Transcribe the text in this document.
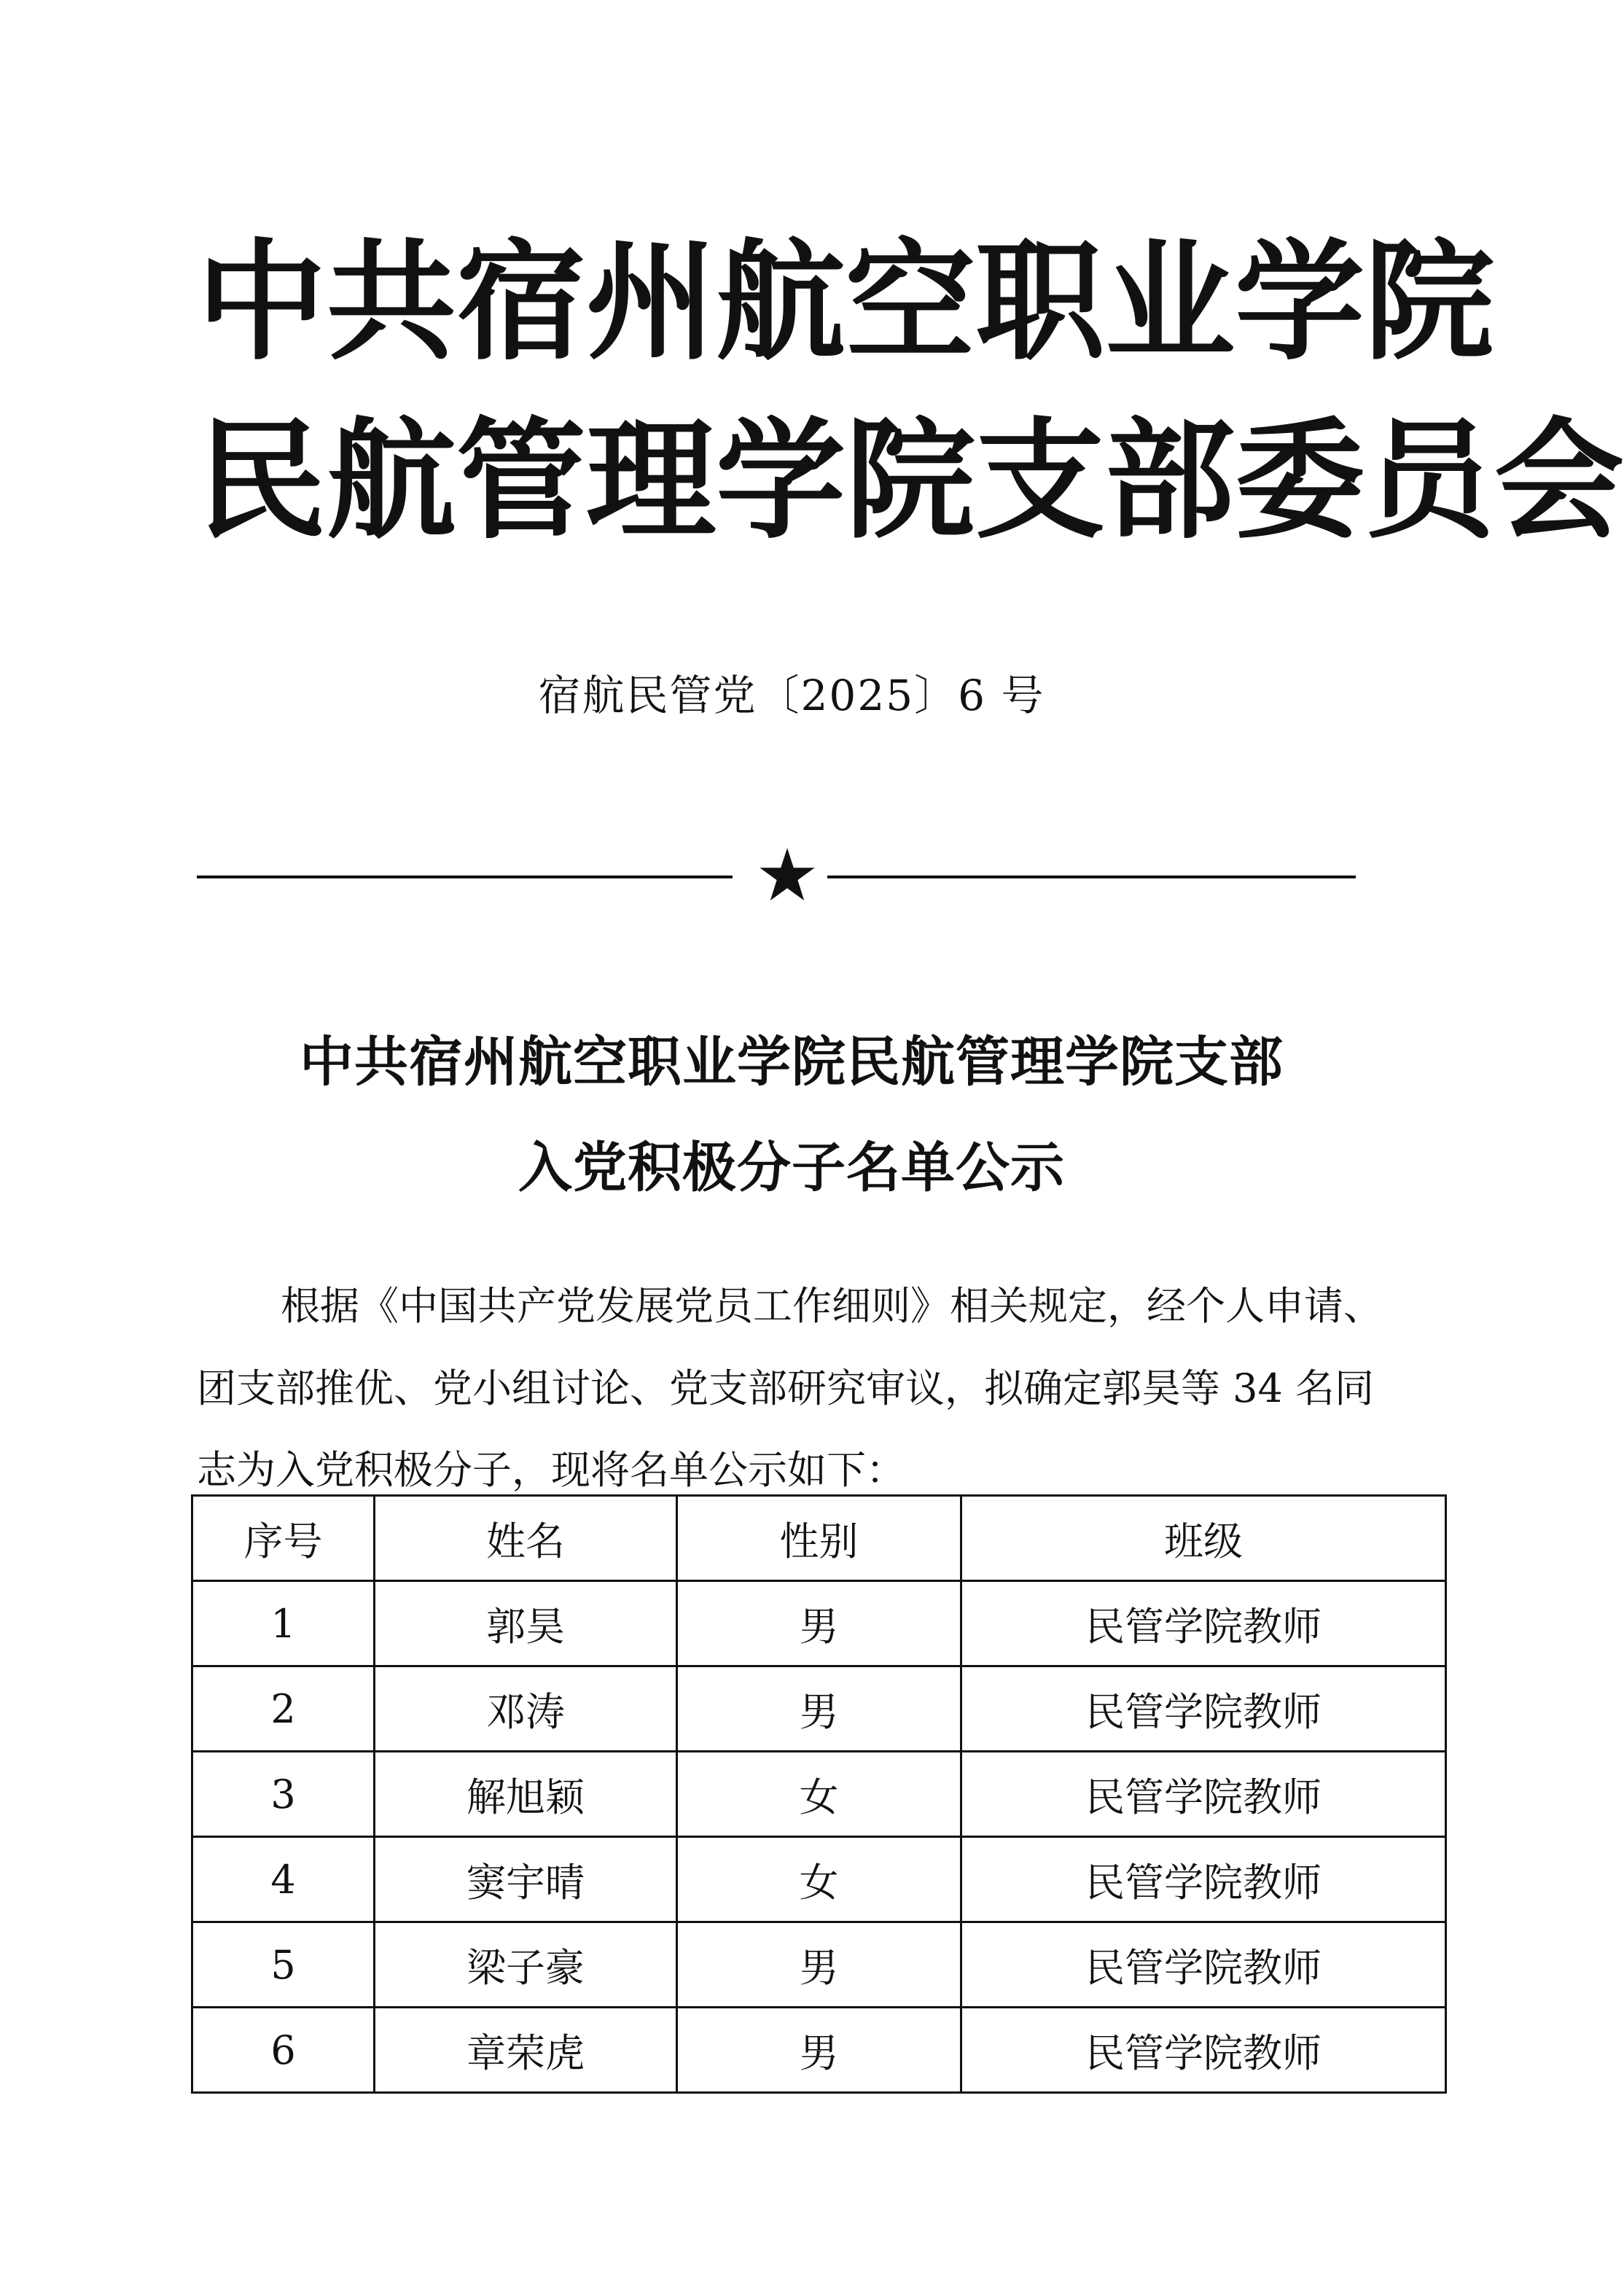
中 共 宿 州 航 空 职 业 学 院
民 航 管 理 学 院 支 部 委 员 会
宿航民管党〔2025〕6 号
中共宿州航空职业学院民航管理学院支部
入党积极分子名单公示
根据《中国共产党发展党员工作细则》相关规定，经个人申请、
团支部推优、党小组讨论、党支部研究审议，拟确定郭昊等 34 名同
志为入党积极分子，现将名单公示如下：
序号	姓名	性别	班级
1	郭昊	男	民管学院教师
2	邓涛	男	民管学院教师
3	解旭颖	女	民管学院教师
4	窦宇晴	女	民管学院教师
5	梁子豪	男	民管学院教师
6	章荣虎	男	民管学院教师
